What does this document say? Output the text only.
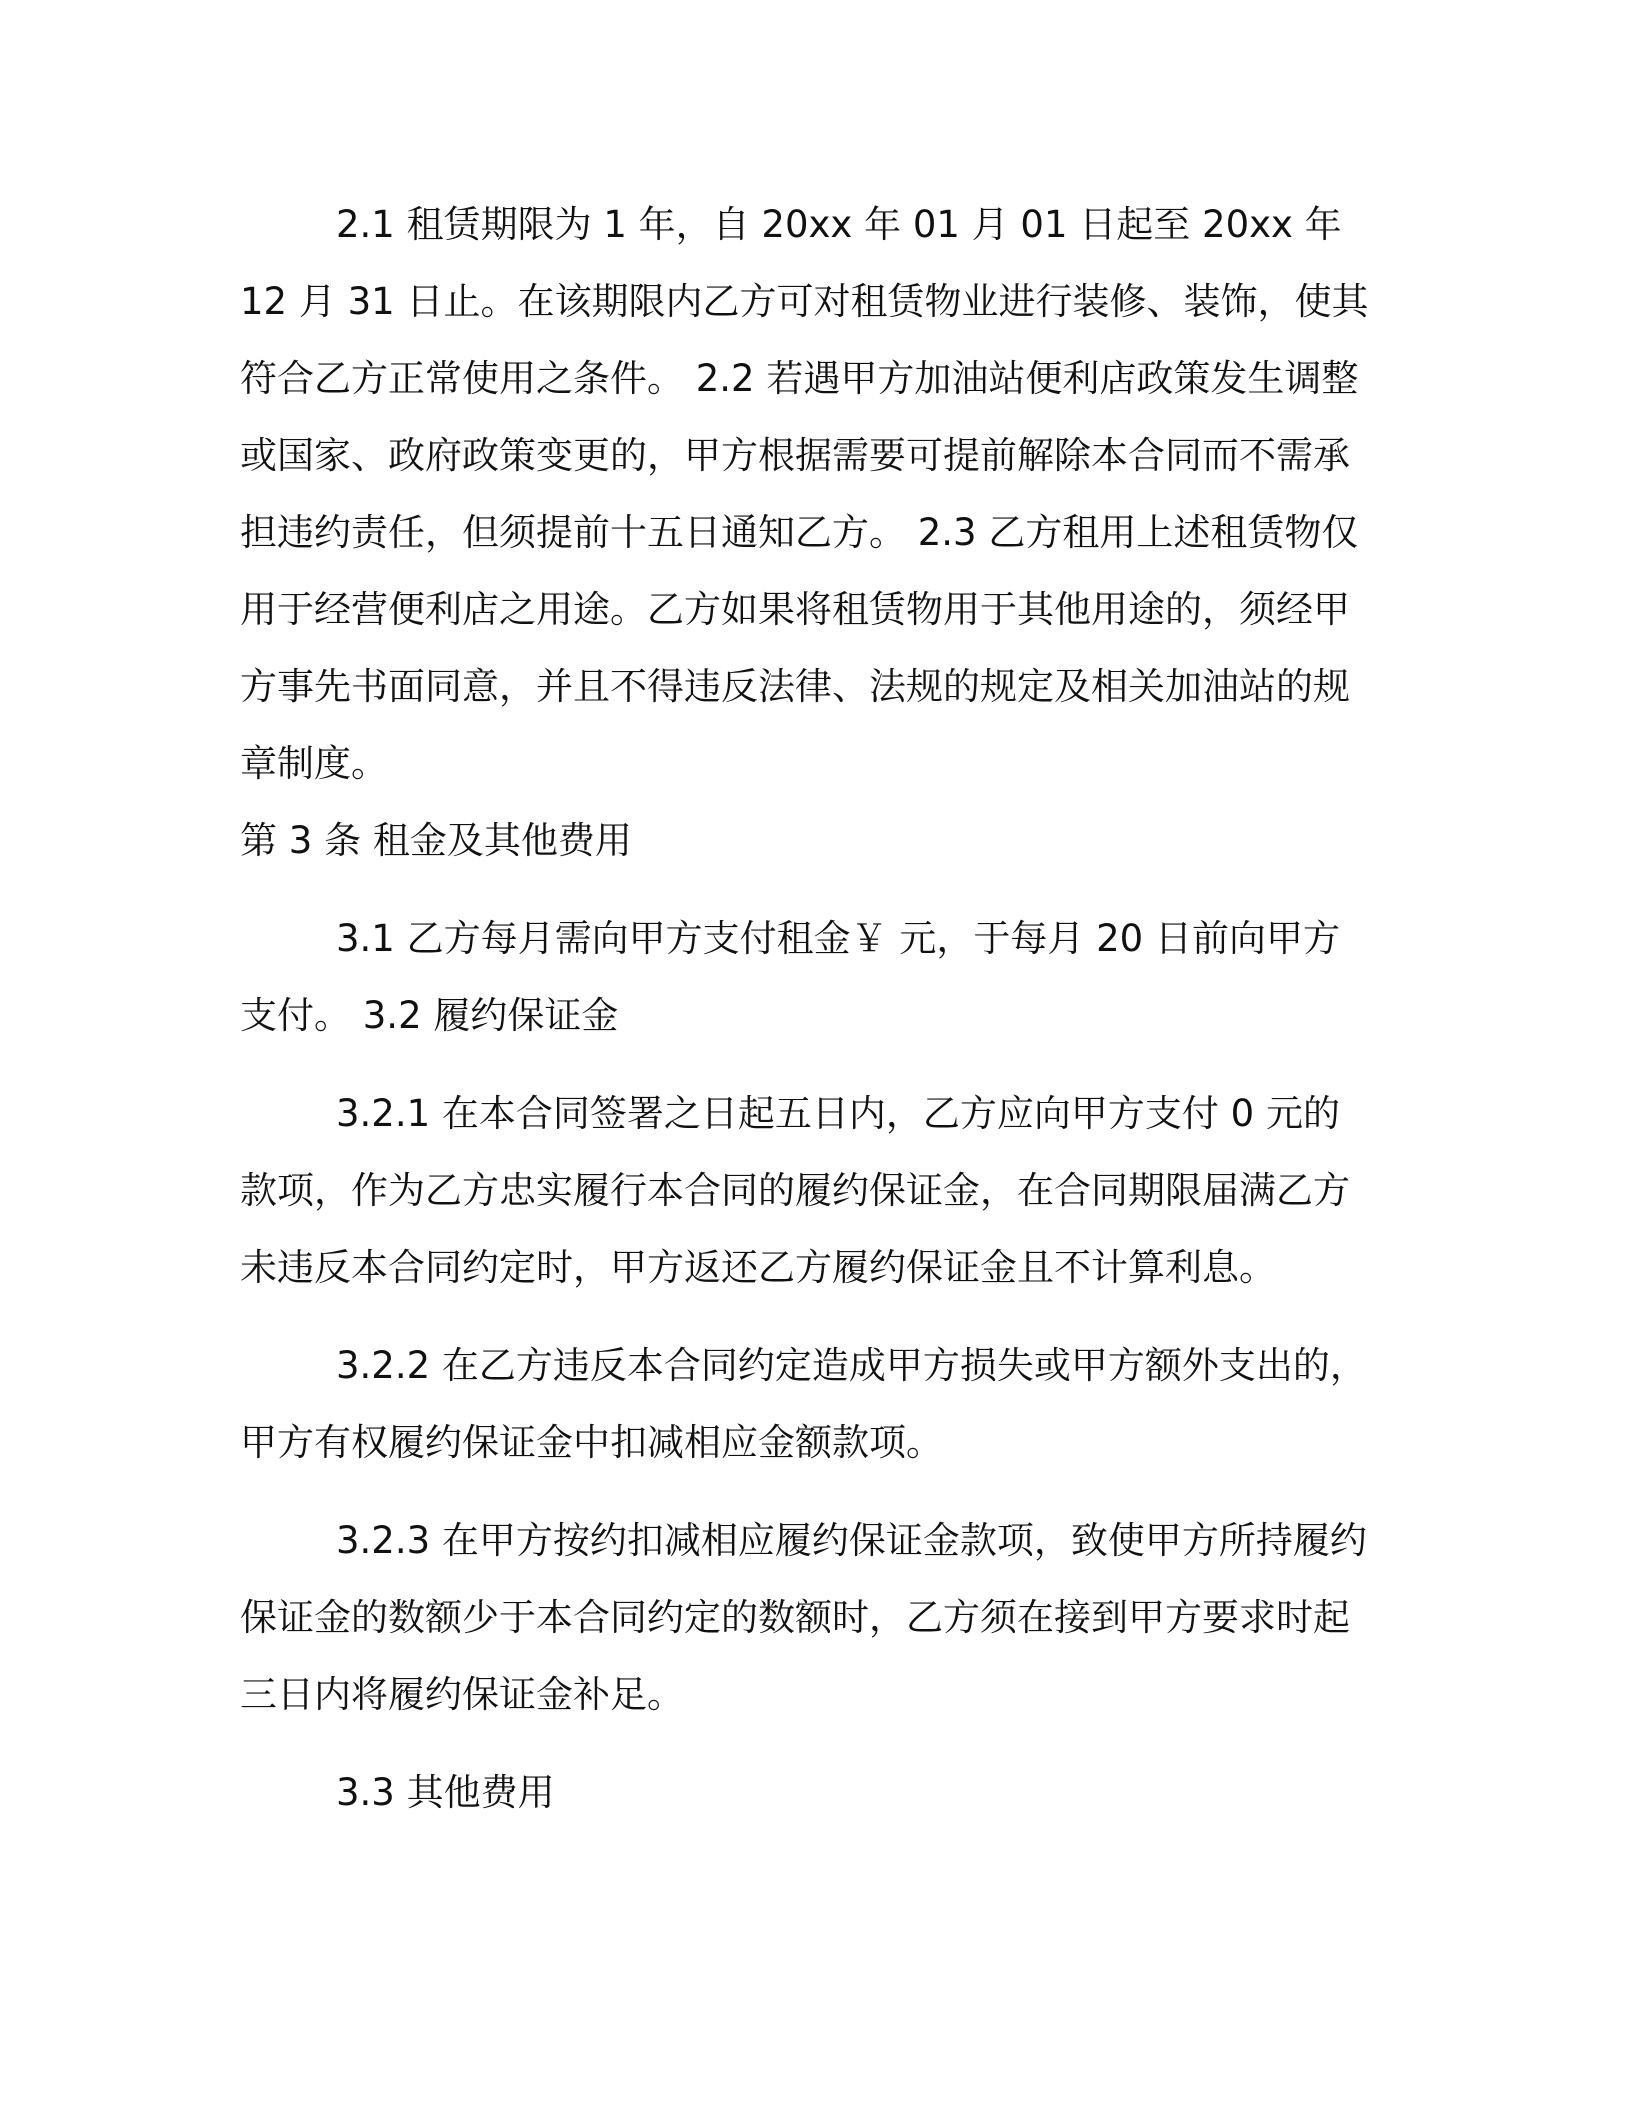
2.1 租赁期限为 1 年，自 20xx 年 01 月 01 日起至 20xx 年 12 月 31 日止。在该期限内乙方可对租赁物业进行装修、装饰，使其符合乙方正常使用之条件。 2.2 若遇甲方加油站便利店政策发生调整或国家、政府政策变更的，甲方根据需要可提前解除本合同而不需承担违约责任，但须提前十五日通知乙方。 2.3 乙方租用上述租赁物仅用于经营便利店之用途。乙方如果将租赁物用于其他用途的，须经甲方事先书面同意，并且不得违反法律、法规的规定及相关加油站的规章制度。

第 3 条 租金及其他费用

3.1 乙方每月需向甲方支付租金￥ 元，于每月 20 日前向甲方支付。 3.2 履约保证金

3.2.1 在本合同签署之日起五日内，乙方应向甲方支付 0 元的款项，作为乙方忠实履行本合同的履约保证金，在合同期限届满乙方未违反本合同约定时，甲方返还乙方履约保证金且不计算利息。

3.2.2 在乙方违反本合同约定造成甲方损失或甲方额外支出的，甲方有权履约保证金中扣减相应金额款项。

3.2.3 在甲方按约扣减相应履约保证金款项，致使甲方所持履约保证金的数额少于本合同约定的数额时，乙方须在接到甲方要求时起三日内将履约保证金补足。

3.3 其他费用
